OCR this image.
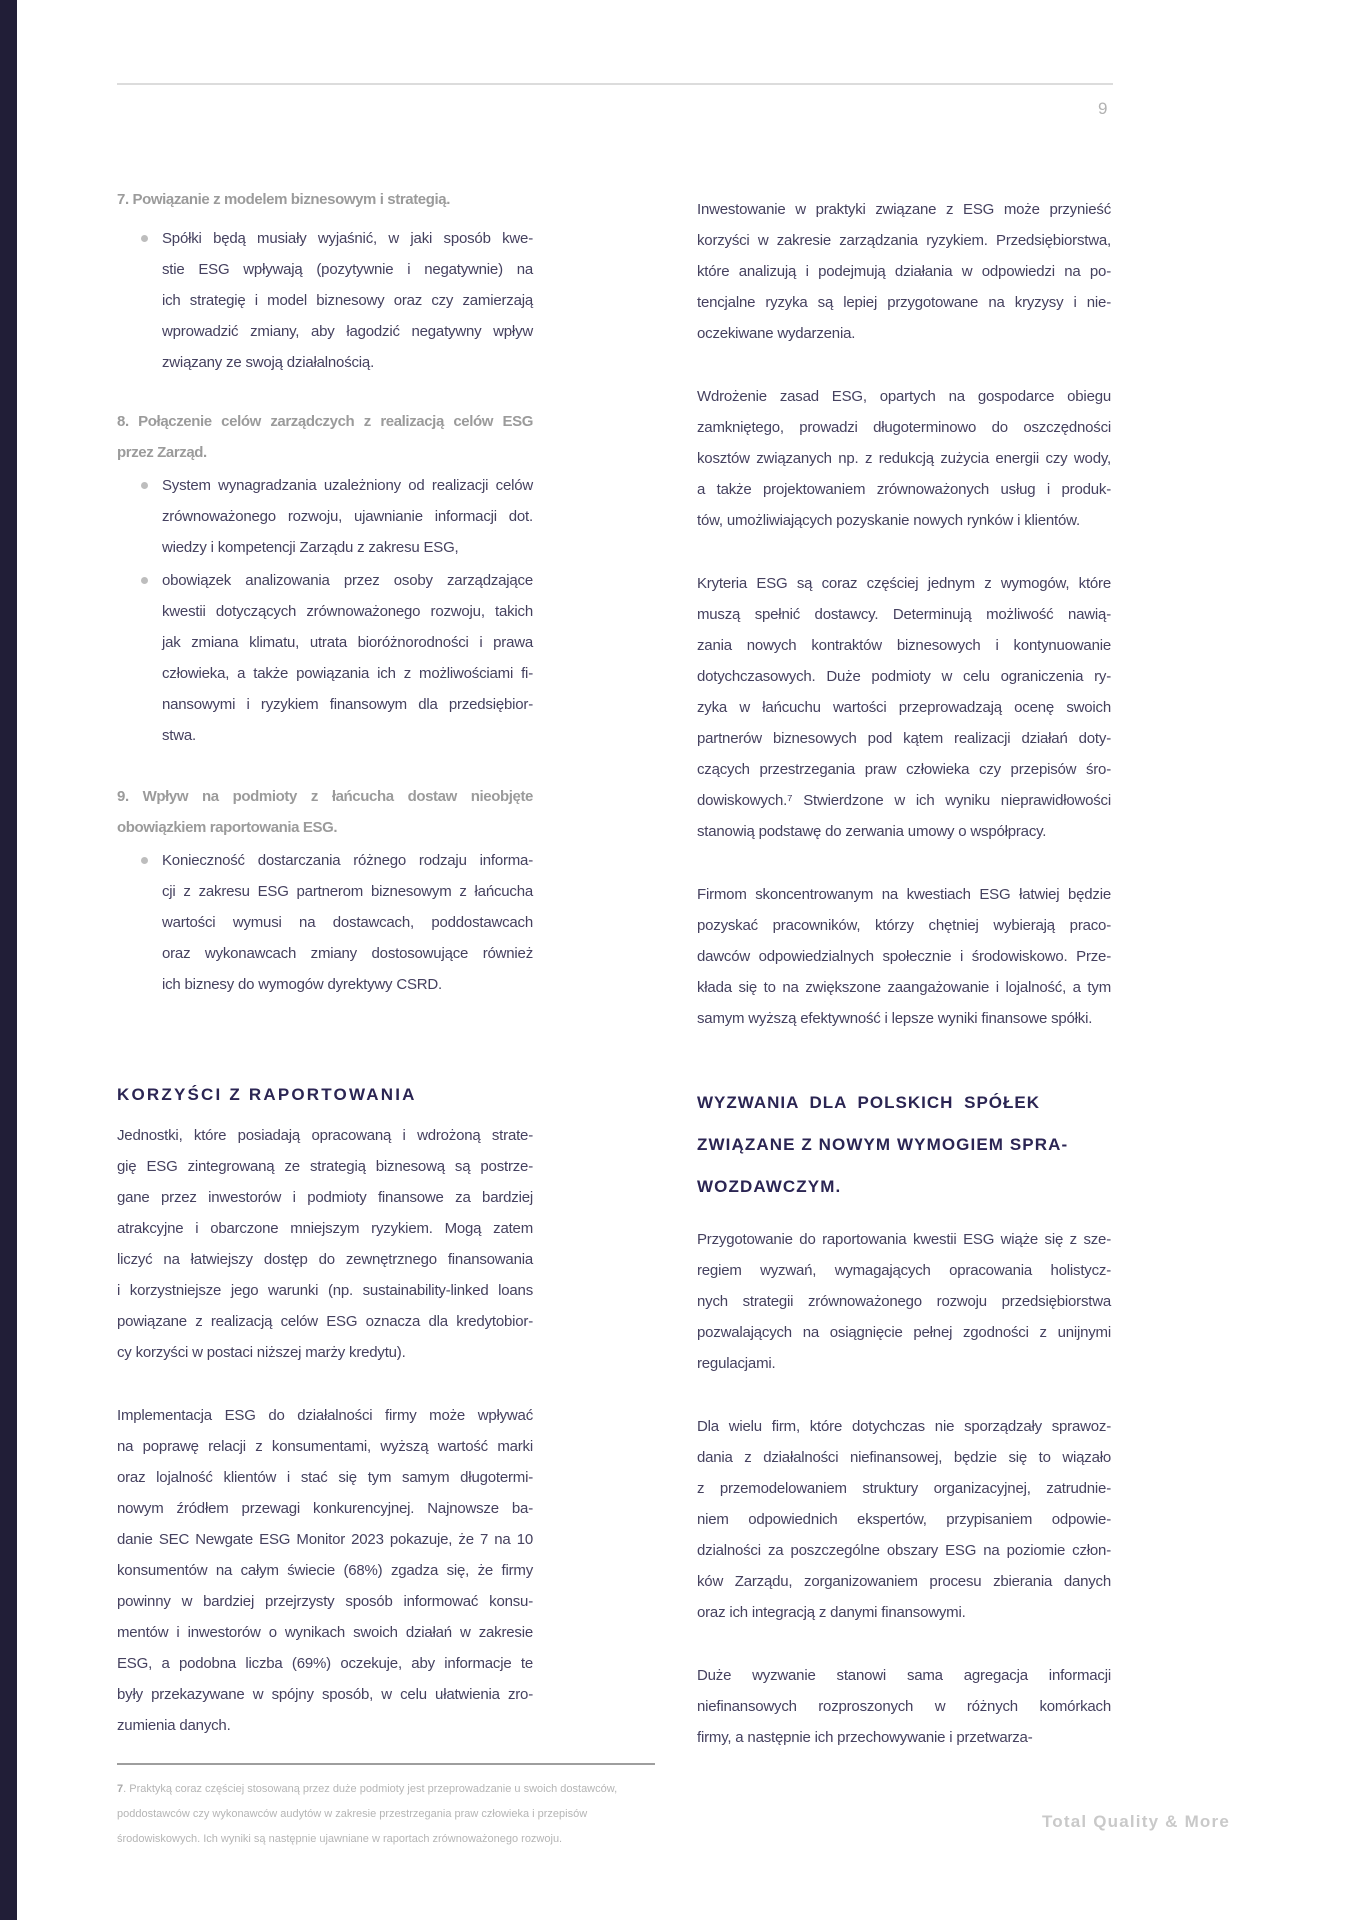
9
7. Powiązanie z modelem biznesowym i strategią.
Spółki będą musiały wyjaśnić, w jaki sposób kwe-
stie ESG wpływają (pozytywnie i negatywnie) na
ich strategię i model biznesowy oraz czy zamierzają
wprowadzić zmiany, aby łagodzić negatywny wpływ
związany ze swoją działalnością.
8. Połączenie celów zarządczych z realizacją celów ESG
przez Zarząd.
System wynagradzania uzależniony od realizacji celów
zrównoważonego rozwoju, ujawnianie informacji dot.
wiedzy i kompetencji Zarządu z zakresu ESG,
obowiązek analizowania przez osoby zarządzające
kwestii dotyczących zrównoważonego rozwoju, takich
jak zmiana klimatu, utrata bioróżnorodności i prawa
człowieka, a także powiązania ich z możliwościami fi-
nansowymi i ryzykiem finansowym dla przedsiębior-
stwa.
9. Wpływ na podmioty z łańcucha dostaw nieobjęte
obowiązkiem raportowania ESG.
Konieczność dostarczania różnego rodzaju informa-
cji z zakresu ESG partnerom biznesowym z łańcucha
wartości wymusi na dostawcach, poddostawcach
oraz wykonawcach zmiany dostosowujące również
ich biznesy do wymogów dyrektywy CSRD.
KORZYŚCI Z RAPORTOWANIA
Jednostki, które posiadają opracowaną i wdrożoną strate-
gię ESG zintegrowaną ze strategią biznesową są postrze-
gane przez inwestorów i podmioty finansowe za bardziej
atrakcyjne i obarczone mniejszym ryzykiem. Mogą zatem
liczyć na łatwiejszy dostęp do zewnętrznego finansowania
i korzystniejsze jego warunki (np. sustainability-linked loans
powiązane z realizacją celów ESG oznacza dla kredytobior-
cy korzyści w postaci niższej marży kredytu).
Implementacja ESG do działalności firmy może wpływać
na poprawę relacji z konsumentami, wyższą wartość marki
oraz lojalność klientów i stać się tym samym długotermi-
nowym źródłem przewagi konkurencyjnej. Najnowsze ba-
danie SEC Newgate ESG Monitor 2023 pokazuje, że 7 na 10
konsumentów na całym świecie (68%) zgadza się, że firmy
powinny w bardziej przejrzysty sposób informować konsu-
mentów i inwestorów o wynikach swoich działań w zakresie
ESG, a podobna liczba (69%) oczekuje, aby informacje te
były przekazywane w spójny sposób, w celu ułatwienia zro-
zumienia danych.
7. Praktyką coraz częściej stosowaną przez duże podmioty jest przeprowadzanie u swoich dostawców,
poddostawców czy wykonawców audytów w zakresie przestrzegania praw człowieka i przepisów
środowiskowych. Ich wyniki są następnie ujawniane w raportach zrównoważonego rozwoju.
Inwestowanie w praktyki związane z ESG może przynieść
korzyści w zakresie zarządzania ryzykiem. Przedsiębiorstwa,
które analizują i podejmują działania w odpowiedzi na po-
tencjalne ryzyka są lepiej przygotowane na kryzysy i nie-
oczekiwane wydarzenia.
Wdrożenie zasad ESG, opartych na gospodarce obiegu
zamkniętego, prowadzi długoterminowo do oszczędności
kosztów związanych np. z redukcją zużycia energii czy wody,
a także projektowaniem zrównoważonych usług i produk-
tów, umożliwiających pozyskanie nowych rynków i klientów.
Kryteria ESG są coraz częściej jednym z wymogów, które
muszą spełnić dostawcy. Determinują możliwość nawią-
zania nowych kontraktów biznesowych i kontynuowanie
dotychczasowych. Duże podmioty w celu ograniczenia ry-
zyka w łańcuchu wartości przeprowadzają ocenę swoich
partnerów biznesowych pod kątem realizacji działań doty-
czących przestrzegania praw człowieka czy przepisów śro-
dowiskowych.⁷ Stwierdzone w ich wyniku nieprawidłowości
stanowią podstawę do zerwania umowy o współpracy.
Firmom skoncentrowanym na kwestiach ESG łatwiej będzie
pozyskać pracowników, którzy chętniej wybierają praco-
dawców odpowiedzialnych społecznie i środowiskowo. Prze-
kłada się to na zwiększone zaangażowanie i lojalność, a tym
samym wyższą efektywność i lepsze wyniki finansowe spółki.
WYZWANIA DLA POLSKICH SPÓŁEK
ZWIĄZANE Z NOWYM WYMOGIEM SPRA-
WOZDAWCZYM.
Przygotowanie do raportowania kwestii ESG wiąże się z sze-
regiem wyzwań, wymagających opracowania holistycz-
nych strategii zrównoważonego rozwoju przedsiębiorstwa
pozwalających na osiągnięcie pełnej zgodności z unijnymi
regulacjami.
Dla wielu firm, które dotychczas nie sporządzały sprawoz-
dania z działalności niefinansowej, będzie się to wiązało
z przemodelowaniem struktury organizacyjnej, zatrudnie-
niem odpowiednich ekspertów, przypisaniem odpowie-
dzialności za poszczególne obszary ESG na poziomie człon-
ków Zarządu, zorganizowaniem procesu zbierania danych
oraz ich integracją z danymi finansowymi.
Duże wyzwanie stanowi sama agregacja informacji
niefinansowych rozproszonych w różnych komórkach
firmy, a następnie ich przechowywanie i przetwarza-
Total Quality & More
